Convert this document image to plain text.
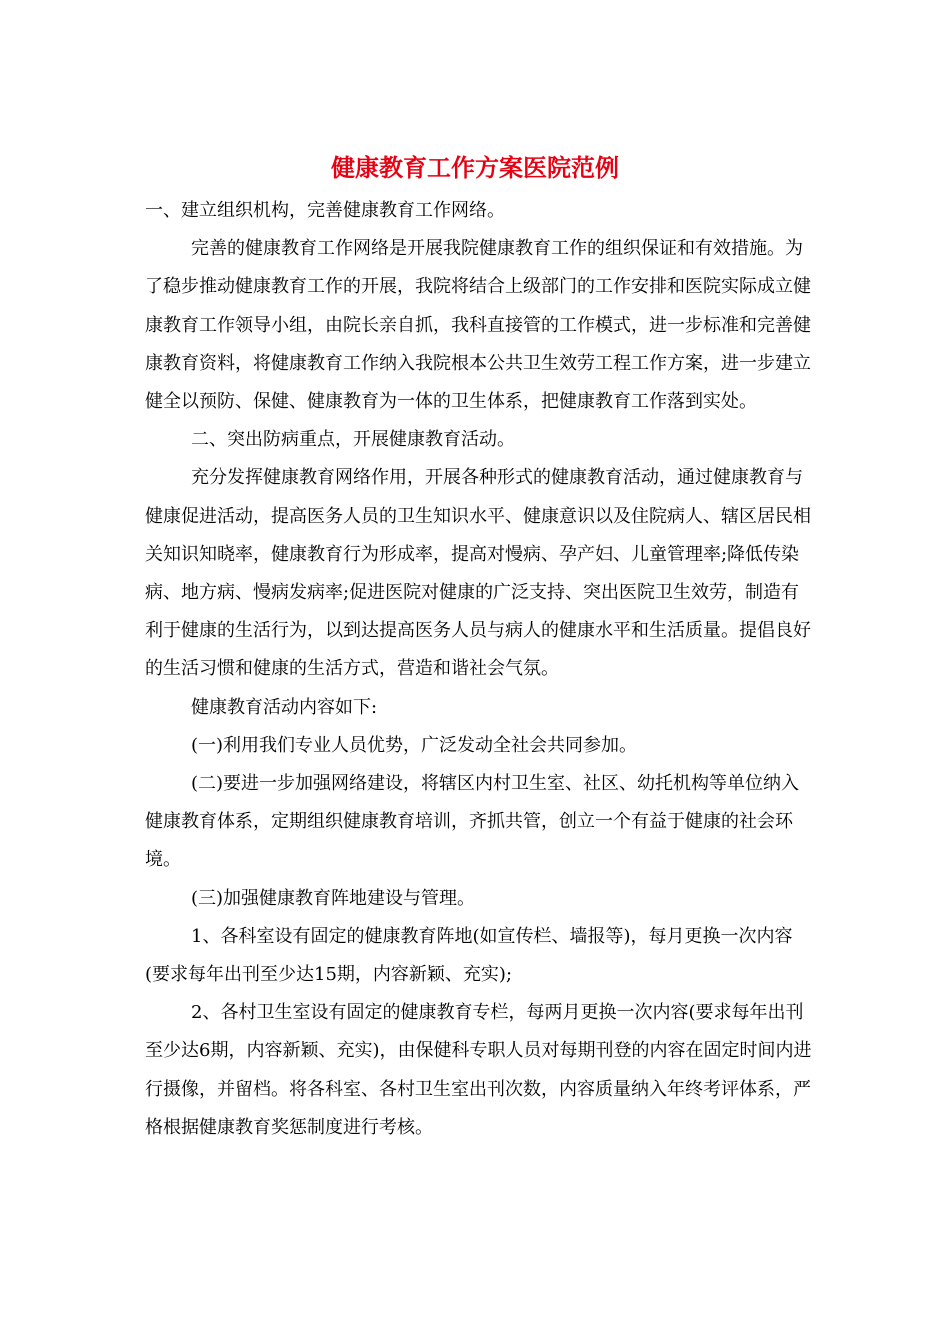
健康教育工作方案医院范例

一、建立组织机构，完善健康教育工作网络。

完善的健康教育工作网络是开展我院健康教育工作的组织保证和有效措施。为了稳步推动健康教育工作的开展，我院将结合上级部门的工作安排和医院实际成立健康教育工作领导小组，由院长亲自抓，我科直接管的工作模式，进一步标准和完善健康教育资料，将健康教育工作纳入我院根本公共卫生效劳工程工作方案，进一步建立健全以预防、保健、健康教育为一体的卫生体系，把健康教育工作落到实处。

二、突出防病重点，开展健康教育活动。

充分发挥健康教育网络作用，开展各种形式的健康教育活动，通过健康教育与健康促进活动，提高医务人员的卫生知识水平、健康意识以及住院病人、辖区居民相关知识知晓率，健康教育行为形成率，提高对慢病、孕产妇、儿童管理率;降低传染病、地方病、慢病发病率;促进医院对健康的广泛支持、突出医院卫生效劳，制造有利于健康的生活行为，以到达提高医务人员与病人的健康水平和生活质量。提倡良好的生活习惯和健康的生活方式，营造和谐社会气氛。

健康教育活动内容如下:

(一)利用我们专业人员优势，广泛发动全社会共同参加。

(二)要进一步加强网络建设，将辖区内村卫生室、社区、幼托机构等单位纳入健康教育体系，定期组织健康教育培训，齐抓共管，创立一个有益于健康的社会环境。

(三)加强健康教育阵地建设与管理。

1、各科室设有固定的健康教育阵地(如宣传栏、墙报等)，每月更换一次内容(要求每年出刊至少达15期，内容新颖、充实);

2、各村卫生室设有固定的健康教育专栏，每两月更换一次内容(要求每年出刊至少达6期，内容新颖、充实)，由保健科专职人员对每期刊登的内容在固定时间内进行摄像，并留档。将各科室、各村卫生室出刊次数，内容质量纳入年终考评体系，严格根据健康教育奖惩制度进行考核。
